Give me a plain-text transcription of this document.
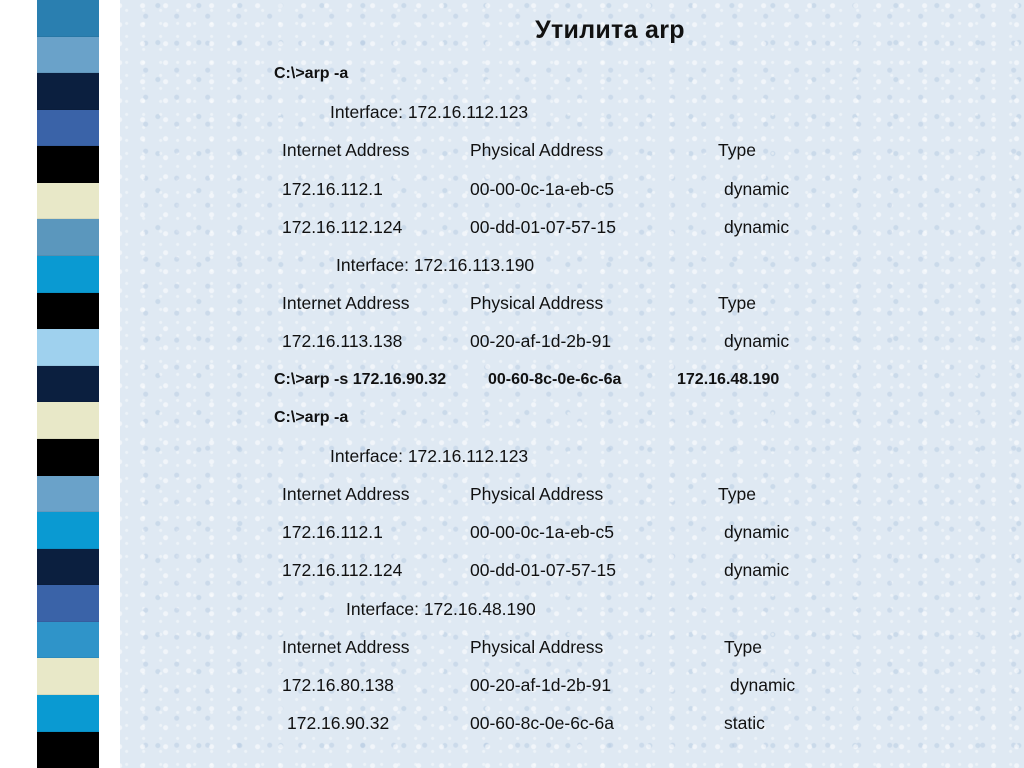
Утилита arp
C:\>arp -a
Interface: 172.16.112.123
Internet Address	Physical Address	Type
172.16.112.1	00-00-0c-1a-eb-c5	dynamic
172.16.112.124	00-dd-01-07-57-15	dynamic
Interface: 172.16.113.190
Internet Address	Physical Address	Type
172.16.113.138	00-20-af-1d-2b-91	dynamic
C:\>arp -s 172.16.90.32	00-60-8c-0e-6c-6a	172.16.48.190
C:\>arp -a
Interface: 172.16.112.123
Internet Address	Physical Address	Type
172.16.112.1	00-00-0c-1a-eb-c5	dynamic
172.16.112.124	00-dd-01-07-57-15	dynamic
Interface: 172.16.48.190
Internet Address	Physical Address	Type
172.16.80.138	00-20-af-1d-2b-91	dynamic
172.16.90.32	00-60-8c-0e-6c-6a	static
